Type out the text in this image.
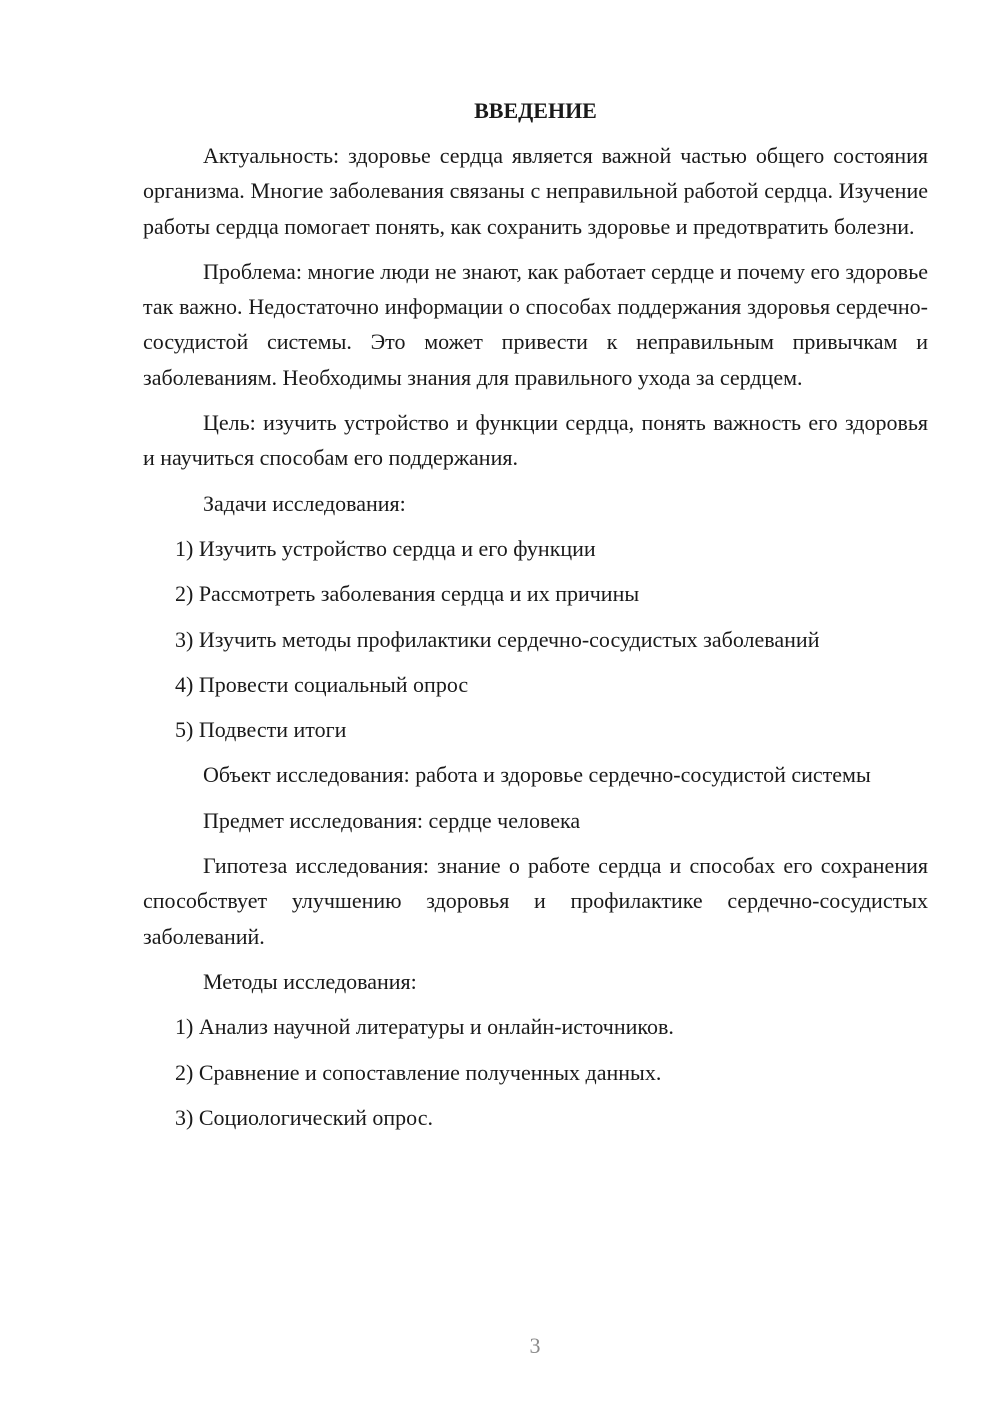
ВВЕДЕНИЕ

Актуальность: здоровье сердца является важной частью общего состояния организма. Многие заболевания связаны с неправильной работой сердца. Изучение работы сердца помогает понять, как сохранить здоровье и предотвратить болезни.

Проблема: многие люди не знают, как работает сердце и почему его здоровье так важно. Недостаточно информации о способах поддержания здоровья сердечно-сосудистой системы. Это может привести к неправильным привычкам и заболеваниям. Необходимы знания для правильного ухода за сердцем.

Цель: изучить устройство и функции сердца, понять важность его здоровья и научиться способам его поддержания.

Задачи исследования:

1) Изучить устройство сердца и его функции

2) Рассмотреть заболевания сердца и их причины

3) Изучить методы профилактики сердечно-сосудистых заболеваний

4) Провести социальный опрос

5) Подвести итоги

Объект исследования: работа и здоровье сердечно-сосудистой системы

Предмет исследования: сердце человека

Гипотеза исследования: знание о работе сердца и способах его сохранения способствует улучшению здоровья и профилактике сердечно-сосудистых заболеваний.

Методы исследования:

1) Анализ научной литературы и онлайн-источников.

2) Сравнение и сопоставление полученных данных.

3) Социологический опрос.

3
